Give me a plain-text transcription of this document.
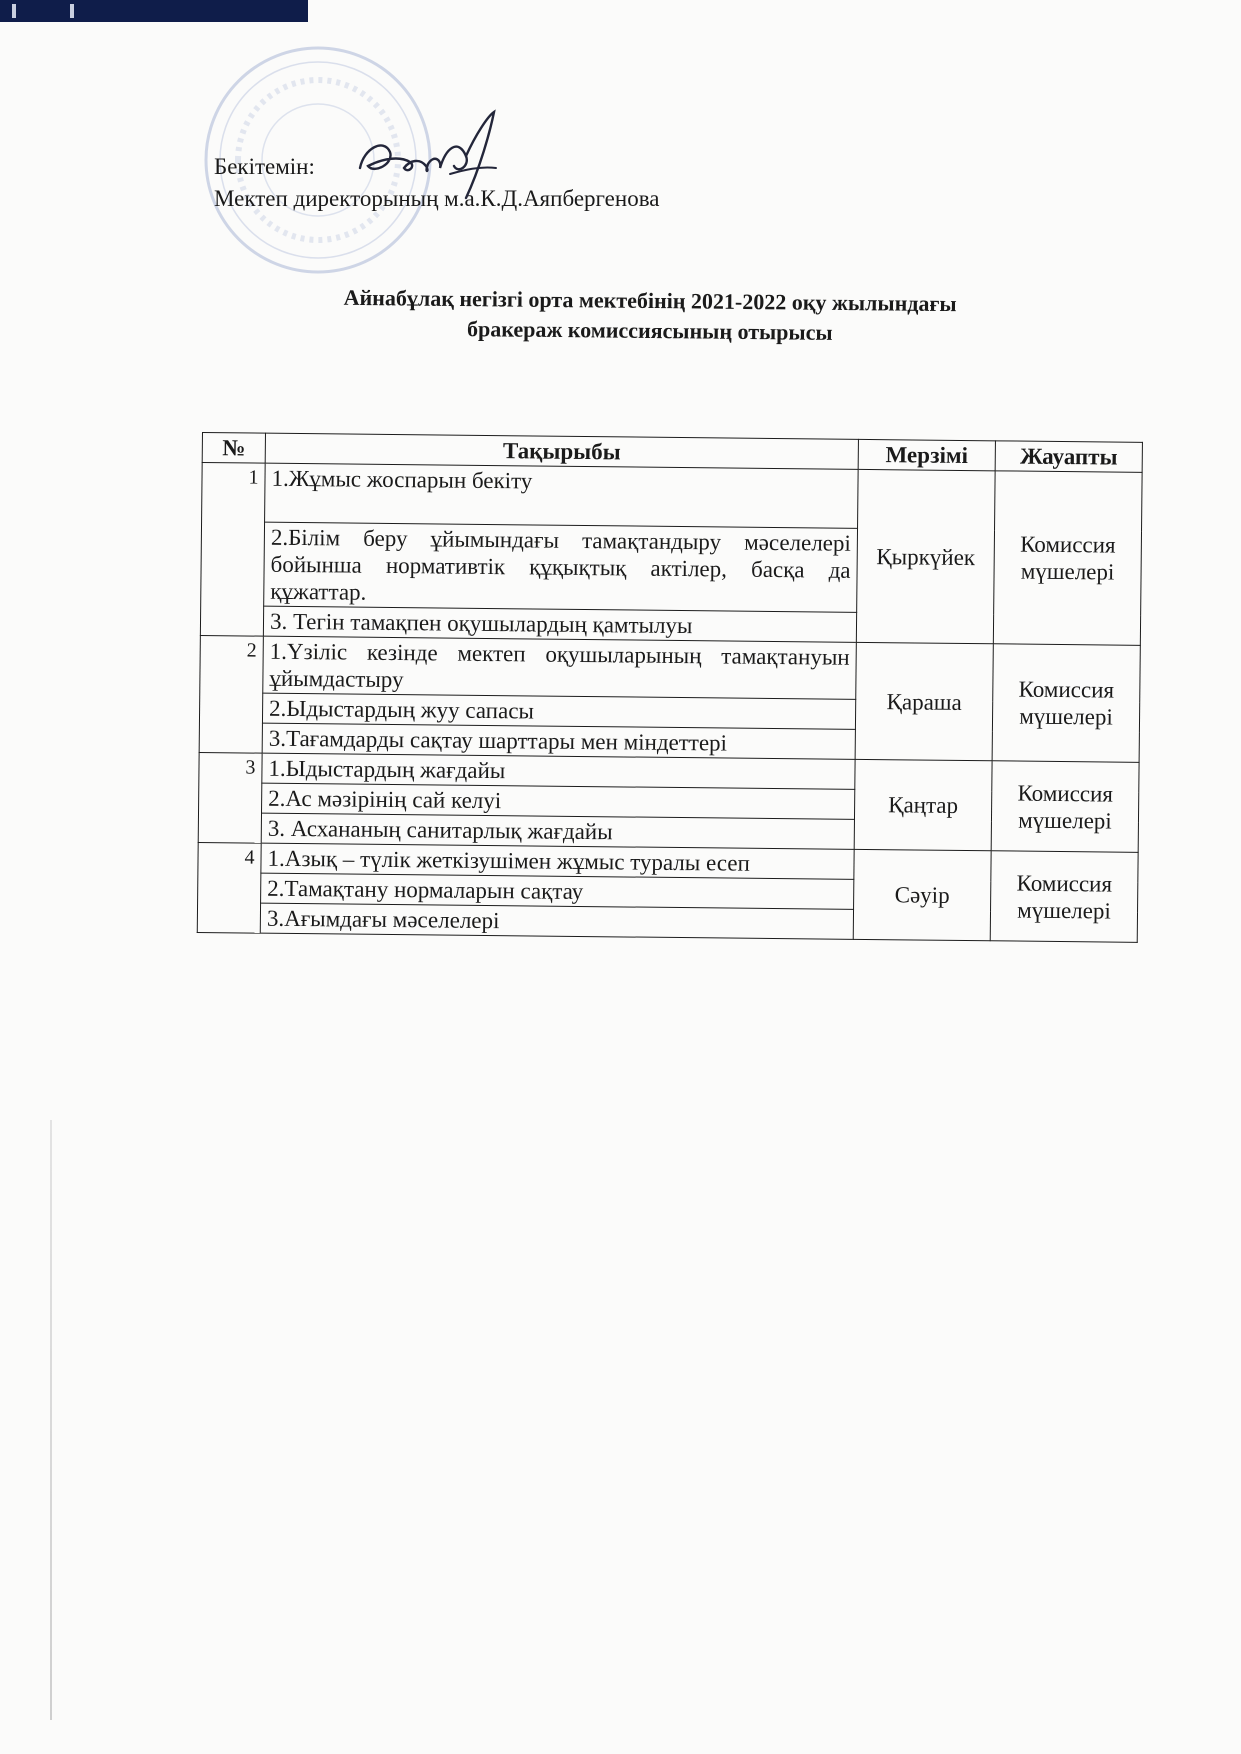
Бекітемін:
Мектеп директорының м.а.К.Д.Аяпбергенова
Айнабұлақ негізгі орта мектебінің 2021-2022 оқу жылындағы
бракераж комиссиясының отырысы
№	Тақырыбы	Мерзімі	Жауапты
1	1.Жұмыс жоспарын бекіту	Қыркүйек	Комиссия мүшелері

	2.Білім беру ұйымындағы тамақтандыру мәселелері бойынша нормативтік құқықтық актілер, басқа да құжаттар.		
	3. Тегін тамақпен оқушылардың қамтылуы		
2	1.Үзіліс кезінде мектеп оқушыларының тамақтануын ұйымдастыру	Қараша	Комиссия мүшелері

	2.Ыдыстардың жуу сапасы		
	3.Тағамдарды сақтау шарттары мен міндеттері		
3	1.Ыдыстардың жағдайы	Қаңтар	Комиссия мүшелері

	2.Ас мәзірінің сай келуі		
	3. Асхананың санитарлық жағдайы		
4	1.Азық – түлік жеткізушімен жұмыс туралы есеп	Сәуір	Комиссия мүшелері

	2.Тамақтану нормаларын сақтау		
	3.Ағымдағы мәселелері		
